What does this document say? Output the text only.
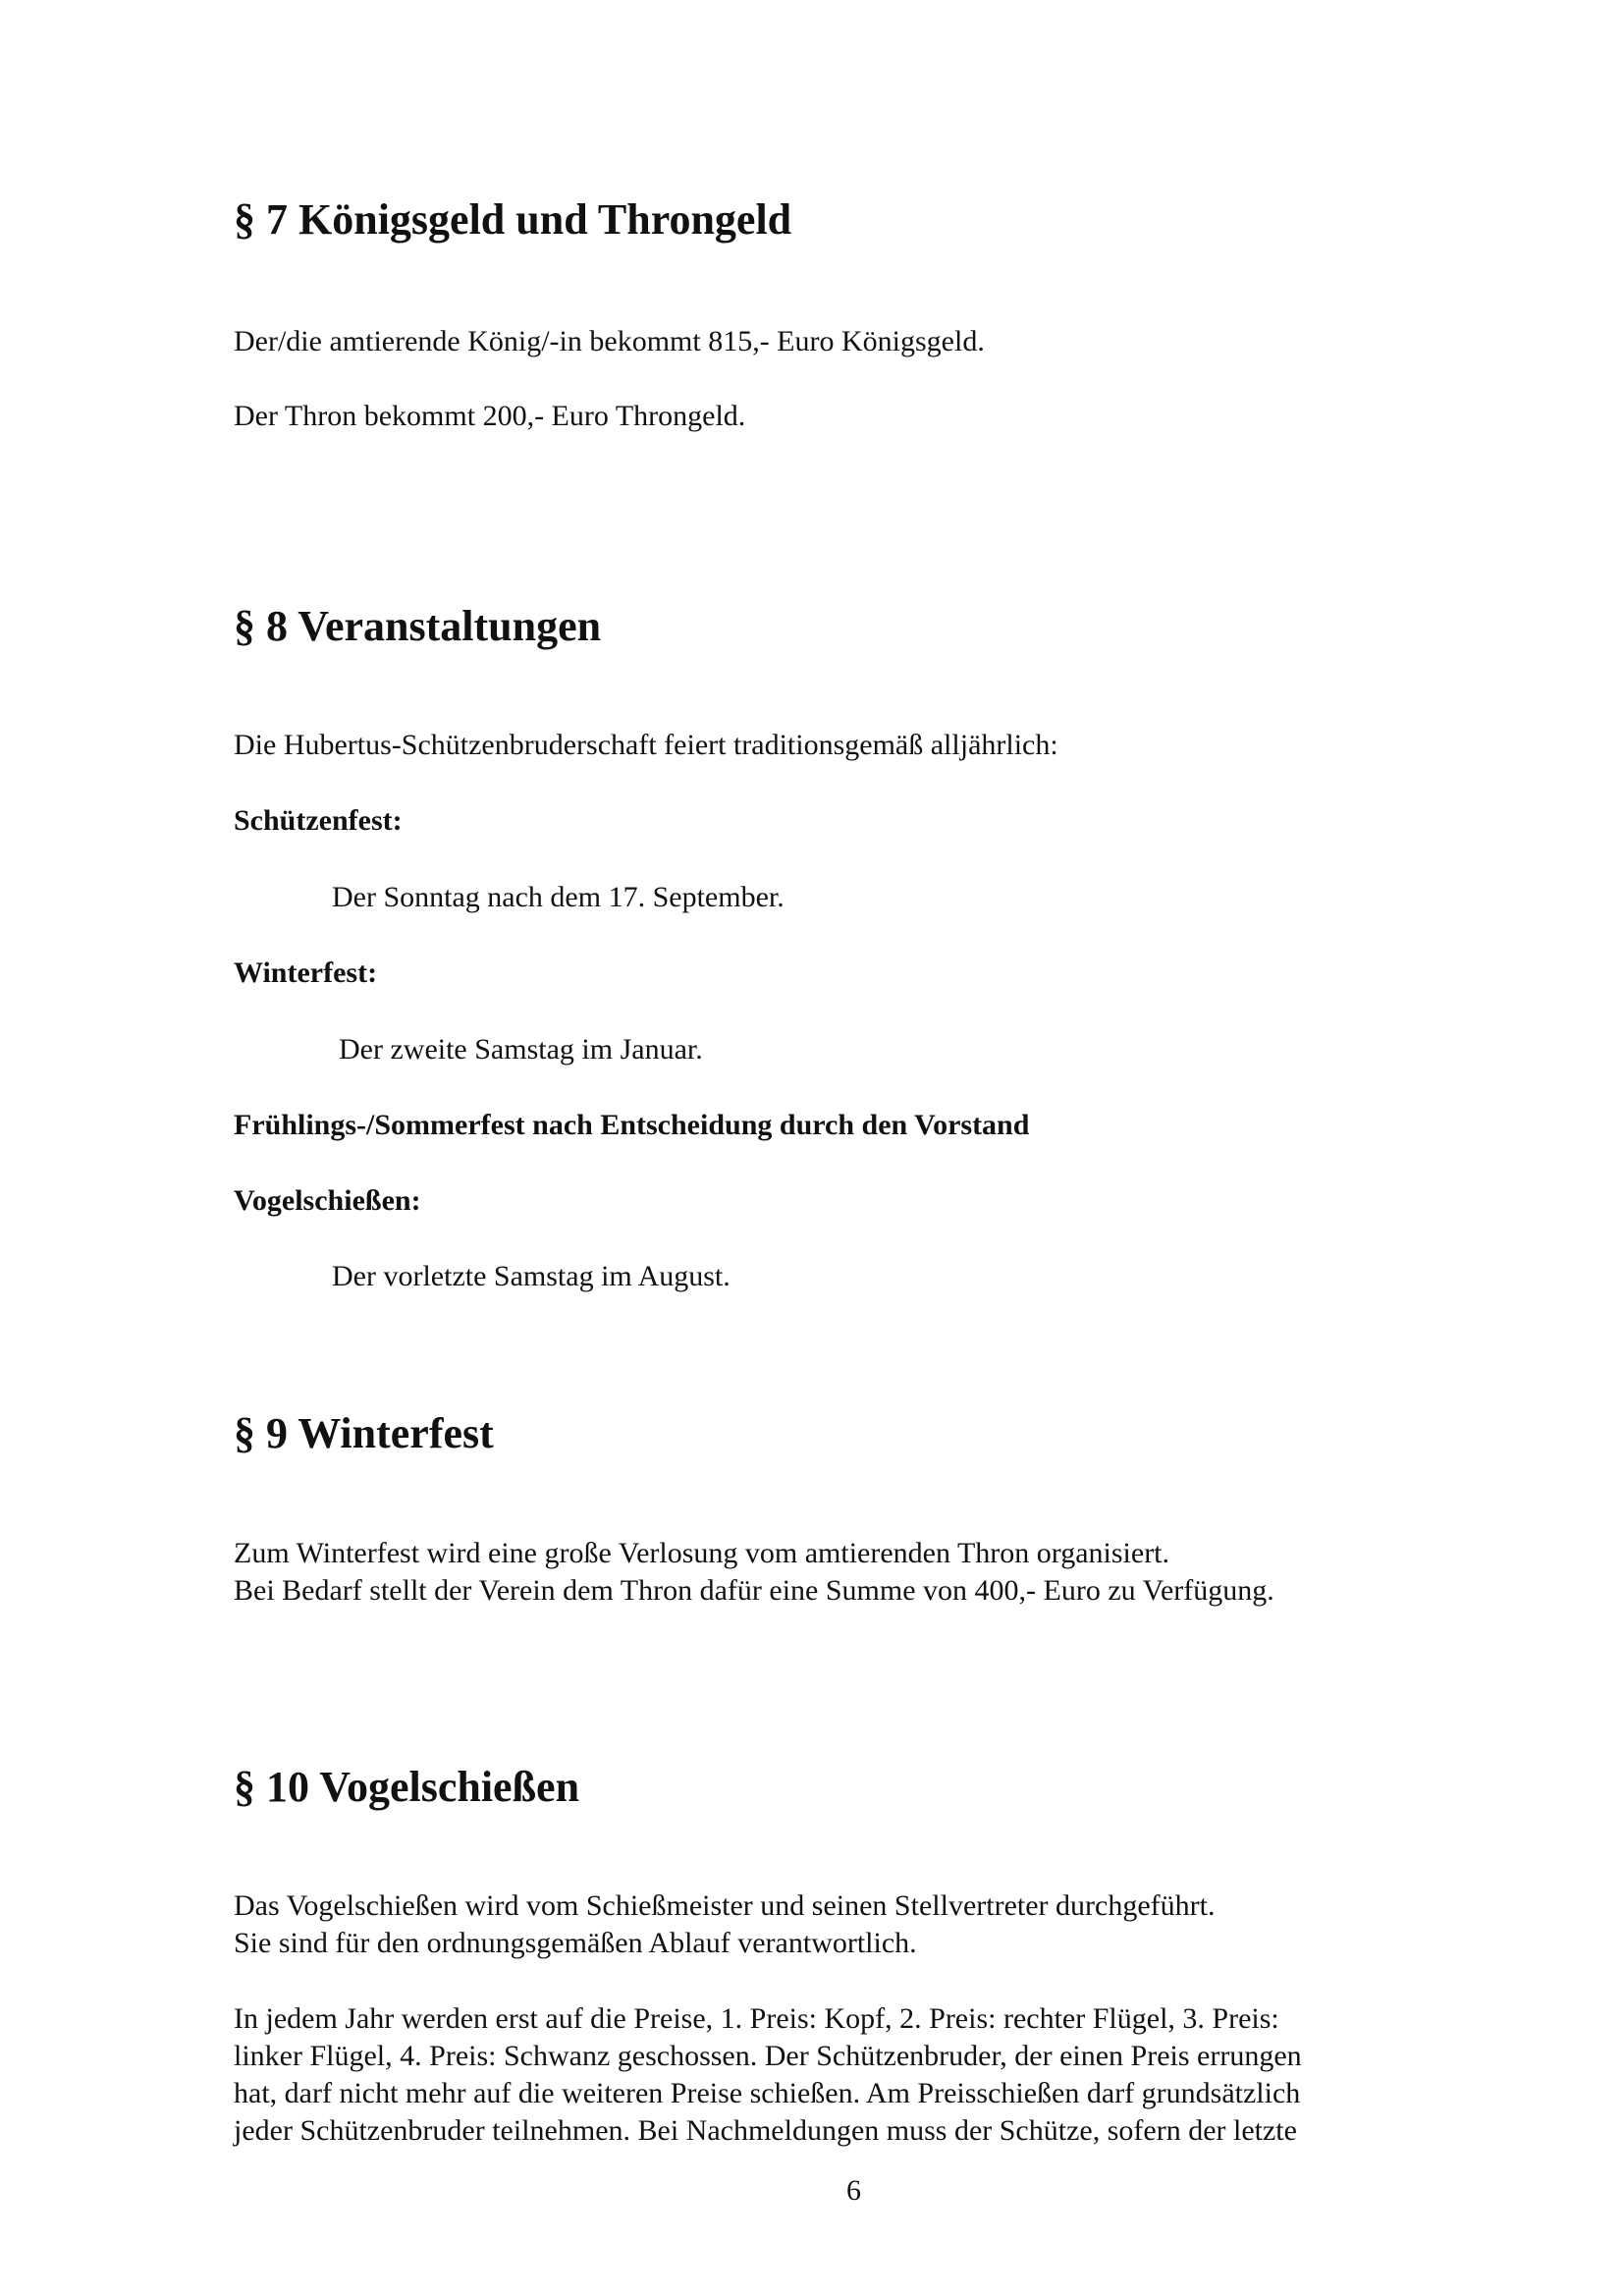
§ 7 Königsgeld und Throngeld

Der/die amtierende König/-in bekommt 815,- Euro Königsgeld.

Der Thron bekommt 200,- Euro Throngeld.

§ 8 Veranstaltungen

Die Hubertus-Schützenbruderschaft feiert traditionsgemäß alljährlich:

Schützenfest:

Der Sonntag nach dem 17. September.

Winterfest:

Der zweite Samstag im Januar.

Frühlings-/Sommerfest nach Entscheidung durch den Vorstand

Vogelschießen:

Der vorletzte Samstag im August.

§ 9 Winterfest
Zum Winterfest wird eine große Verlosung vom amtierenden Thron organisiert.
Bei Bedarf stellt der Verein dem Thron dafür eine Summe von 400,- Euro zu Verfügung.
§ 10 Vogelschießen
Das Vogelschießen wird vom Schießmeister und seinen Stellvertreter durchgeführt.
Sie sind für den ordnungsgemäßen Ablauf verantwortlich.
In jedem Jahr werden erst auf die Preise, 1. Preis: Kopf, 2. Preis: rechter Flügel, 3. Preis:
linker Flügel, 4. Preis: Schwanz geschossen. Der Schützenbruder, der einen Preis errungen
hat, darf nicht mehr auf die weiteren Preise schießen. Am Preisschießen darf grundsätzlich
jeder Schützenbruder teilnehmen. Bei Nachmeldungen muss der Schütze, sofern der letzte

6
